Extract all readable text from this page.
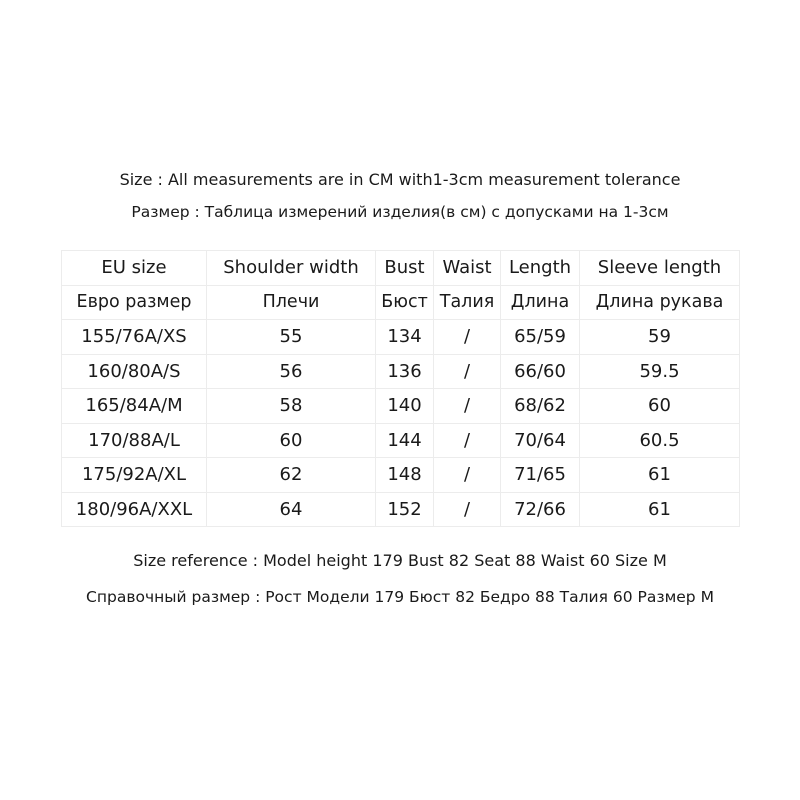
Size : All measurements are in CM with1-3cm measurement tolerance
Размер : Таблица измерений изделия(в см) с допусками на 1-3см
EU size	Shoulder width	Bust	Waist	Length	Sleeve length
Евро размер	Плечи	Бюст	Талия	Длина	Длина рукава
155/76A/XS	55	134	/	65/59	59
160/80A/S	56	136	/	66/60	59.5
165/84A/M	58	140	/	68/62	60
170/88A/L	60	144	/	70/64	60.5
175/92A/XL	62	148	/	71/65	61
180/96A/XXL	64	152	/	72/66	61
Size reference : Model height 179 Bust 82 Seat 88 Waist 60 Size M
Справочный размер : Рост Модели 179 Бюст 82 Бедро 88 Талия 60 Размер М
